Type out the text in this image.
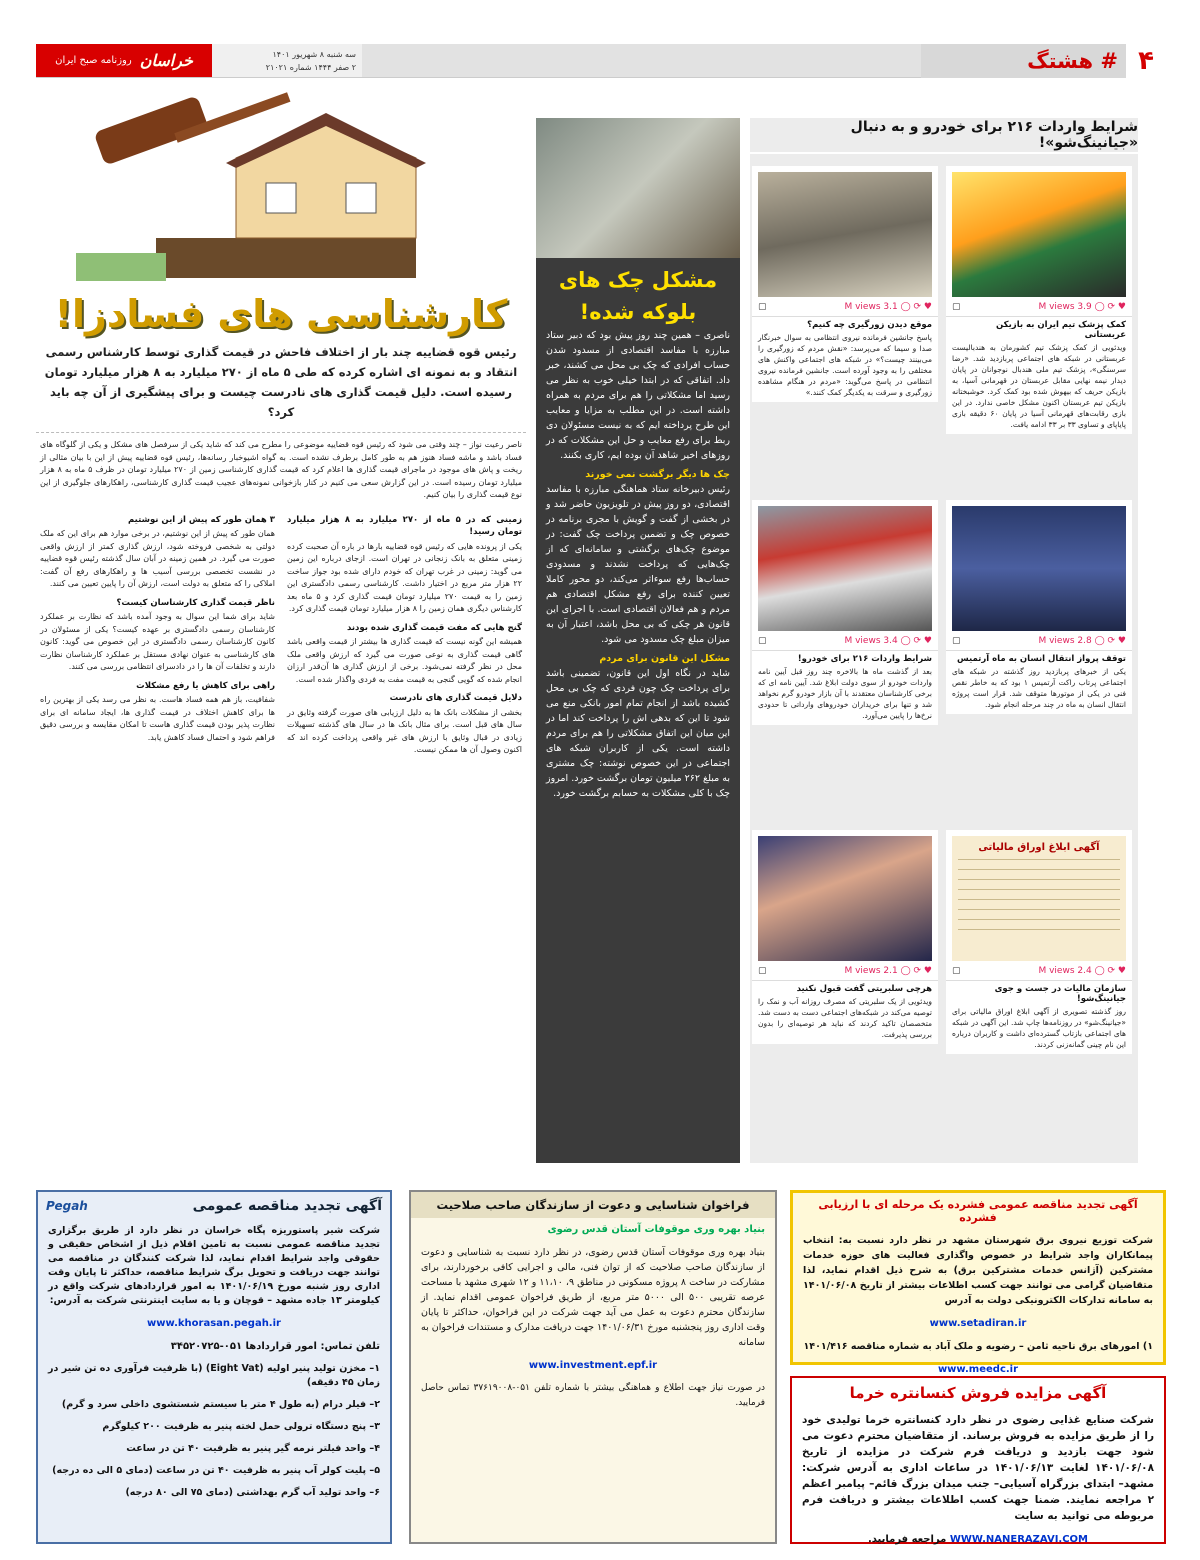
۴
# هشتگ
سه شنبه ۸ شهریور ۱۴۰۱
۲ صفر ۱۴۴۴ شماره ۲۱۰۲۱
خراسان
روزنامه صبح ایران
شرایط واردات ۲۱۶ برای خودرو و به دنبال «جیانینگ‌شو»!
♥ ⟳ ◯ 3.9 M views
▢
کمک پزشک تیم ایران به بازیکن عربستانی

ویدئویی از کمک پزشک تیم کشورمان به هندبالیست عربستانی در شبکه های اجتماعی پربازدید شد. «رضا سرسنگی»، پزشک تیم ملی هندبال نوجوانان در پایان دیدار نیمه نهایی مقابل عربستان در قهرمانی آسیا، به بازیکن حریف که بیهوش شده بود کمک کرد. خوشبختانه بازیکن تیم عربستان اکنون مشکل خاصی ندارد. در این بازی رقابت‌های قهرمانی آسیا در پایان ۶۰ دقیقه بازی پایاپای و تساوی ۳۳ بر ۳۳ ادامه یافت.

♥ ⟳ ◯ 3.1 M views
▢
موقع دیدن زورگیری چه کنیم؟

پاسخ جانشین فرمانده نیروی انتظامی به سوال خبرنگار صدا و سیما که می‌پرسد: «نقش مردم که زورگیری را می‌بینند چیست؟» در شبکه های اجتماعی واکنش های مختلفی را به وجود آورده است. جانشین فرمانده نیروی انتظامی در پاسخ می‌گوید: «مردم در هنگام مشاهده زورگیری و سرقت به یکدیگر کمک کنند.»

♥ ⟳ ◯ 2.8 M views
▢
توقف پرواز انتقال انسان به ماه آرتمیس

یکی از خبرهای پربازدید روز گذشته در شبکه های اجتماعی پرتاب راکت آرتمیس ۱ بود که به خاطر نقص فنی در یکی از موتورها متوقف شد. قرار است پروژه انتقال انسان به ماه در چند مرحله انجام شود.

♥ ⟳ ◯ 3.4 M views
▢
شرایط واردات ۲۱۶ برای خودرو!

بعد از گذشت ماه ها بالاخره چند روز قبل آیین نامه واردات خودرو از سوی دولت ابلاغ شد. آیین نامه ای که برخی کارشناسان معتقدند با آن بازار خودرو گرم نخواهد شد و تنها برای خریداران خودروهای وارداتی تا حدودی نرخ‌ها را پایین می‌آورد.

آگهی ابلاغ اوراق مالیاتی
♥ ⟳ ◯ 2.4 M views
▢
سازمان مالیات در جست و جوی جیانینگ‌شو!

روز گذشته تصویری از آگهی ابلاغ اوراق مالیاتی برای «جیانینگ‌شو» در روزنامه‌ها چاپ شد. این آگهی در شبکه های اجتماعی بازتاب گسترده‌ای داشت و کاربران درباره این نام چینی گمانه‌زنی کردند.

♥ ⟳ ◯ 2.1 M views
▢
هرچی سلبریتی گفت قبول نکنید

ویدئویی از یک سلبریتی که مصرف روزانه آب و نمک را توصیه می‌کند در شبکه‌های اجتماعی دست به دست شد. متخصصان تاکید کردند که نباید هر توصیه‌ای را بدون بررسی پذیرفت.

مشکل چک های بلوکه شده!

ناصری – همین چند روز پیش بود که دبیر ستاد مبارزه با مفاسد اقتصادی از مسدود شدن حساب افرادی که چک بی محل می کشند، خبر داد. اتفاقی که در ابتدا خیلی خوب به نظر می رسید اما مشکلاتی را هم برای مردم به همراه داشته است. در این مطلب به مزایا و معایب این طرح پرداخته ایم که به نیست مسئولان دی ربط برای رفع معایب و حل این مشکلات که در روزهای اخیر شاهد آن بوده ایم، کاری بکنند.

چک ها دیگر برگشت نمی خورند

رئیس دبیرخانه ستاد هماهنگی مبارزه با مفاسد اقتصادی، دو روز پیش در تلویزیون حاضر شد و در بخشی از گفت و گویش با مجری برنامه در خصوص چک و تضمین پرداخت چک گفت: در موضوع چک‌های برگشتی و سامانه‌ای که از چک‌هایی که پرداخت نشدند و مسدودی حساب‌ها رفع سوءاثر می‌کند، دو محور کاملا تعیین کننده برای رفع مشکل اقتصادی هم مردم و هم فعالان اقتصادی است. با اجرای این قانون هر چکی که بی محل باشد، اعتبار آن به میزان مبلغ چک مسدود می شود.

مشکل این قانون برای مردم

شاید در نگاه اول این قانون، تضمینی باشد برای پرداخت چک چون فردی که چک بی محل کشیده باشد از انجام تمام امور بانکی منع می شود تا این که بدهی اش را پرداخت کند اما در این میان این اتفاق مشکلاتی را هم برای مردم داشته است. یکی از کاربران شبکه های اجتماعی در این خصوص نوشته: چک مشتری به مبلغ ۲۶۲ میلیون تومان برگشت خورد. امروز چک با کلی مشکلات به حسابم برگشت خورد.

کارشناسی های فسادزا!
رئیس قوه قضاییه چند بار از اختلاف فاحش در قیمت گذاری توسط کارشناس رسمی انتقاد و به نمونه ای اشاره کرده که طی ۵ ماه از ۲۷۰ میلیارد به ۸ هزار میلیارد تومان رسیده است. دلیل قیمت گذاری های نادرست چیست و برای پیشگیری از آن چه باید کرد؟
ناصر رعیت نواز – چند وقتی می شود که رئیس قوه قضاییه موضوعی را مطرح می کند که شاید یکی از سرفصل های مشکل و یکی از گلوگاه های فساد باشد و ماشه فساد هنوز هم به طور کامل برطرف نشده است. به گواه اشیوخبار رسانه‌ها، رئیس قوه قضاییه پیش از این با بیان مثالی از ریخت و پاش های موجود در ماجرای قیمت گذاری ها اعلام کرد که قیمت گذاری کارشناسی زمین از ۲۷۰ میلیارد تومان در ظرف ۵ ماه به ۸ هزار میلیارد تومان رسیده است. در این گزارش سعی می کنیم در کنار بازخوانی نمونه‌های عجیب قیمت گذاری کارشناسی، راهکارهای جلوگیری از این نوع قیمت گذاری را بیان کنیم.
زمینی که در ۵ ماه از ۲۷۰ میلیارد به ۸ هزار میلیارد تومان رسید!
یکی از پرونده هایی که رئیس قوه قضاییه بارها در باره آن صحبت کرده زمینی متعلق به بانک زنجانی در تهران است. ازجای درباره این زمین می گوید: زمینی در غرب تهران که خودم دارای شده بود جواز ساخت ۲۲ هزار متر مربع در اختیار داشت. کارشناسی رسمی دادگستری این زمین را به قیمت ۲۷۰ میلیارد تومان قیمت گذاری کرد و ۵ ماه بعد کارشناس دیگری همان زمین را ۸ هزار میلیارد تومان قیمت گذاری کرد.
گنج هایی که مفت قیمت گذاری شده بودند
همیشه این گونه نیست که قیمت گذاری ها بیشتر از قیمت واقعی باشد گاهی قیمت گذاری به نوعی صورت می گیرد که ارزش واقعی ملک محل در نظر گرفته نمی‌شود. برخی از ارزش گذاری ها آن‌قدر ارزان انجام شده که گویی گنجی به قیمت مفت به فردی واگذار شده است.
دلایل قیمت گذاری های نادرست
بخشی از مشکلات بانک ها به دلیل ارزیابی های صورت گرفته وثایق در سال های قبل است. برای مثال بانک ها در سال های گذشته تسهیلات زیادی در قبال وثایق با ارزش های غیر واقعی پرداخت کرده اند که اکنون وصول آن ها ممکن نیست.
۳ همان طور که پیش از این نوشتیم
همان طور که پیش از این نوشتیم، در برخی موارد هم برای این که ملک دولتی به شخصی فروخته شود، ارزش گذاری کمتر از ارزش واقعی صورت می گیرد. در همین زمینه در آبان سال گذشته رئیس قوه قضاییه در نشست تخصصی بررسی آسیب ها و راهکارهای رفع آن گفت: املاکی را که متعلق به دولت است، ارزش آن را پایین تعیین می کنند.
ناظر قیمت گذاری کارشناسان کیست؟
شاید برای شما این سوال به وجود آمده باشد که نظارت بر عملکرد کارشناسان رسمی دادگستری بر عهده کیست؟ یکی از مسئولان در کانون کارشناسان رسمی دادگستری در این خصوص می گوید: کانون های کارشناسی به عنوان نهادی مستقل بر عملکرد کارشناسان نظارت دارند و تخلفات آن ها را در دادسرای انتظامی بررسی می کنند.
راهی برای کاهش یا رفع مشکلات
شفافیت، باز هم همه فساد هاست. به نظر می رسد یکی از بهترین راه ها برای کاهش اختلاف در قیمت گذاری ها، ایجاد سامانه ای برای نظارت پذیر بودن قیمت گذاری هاست تا امکان مقایسه و بررسی دقیق فراهم شود و احتمال فساد کاهش یابد.
آگهی تجدید مناقصه عمومی فشرده یک مرحله ای با ارزیابی فشرده
شرکت توزیع نیروی برق شهرستان مشهد در نظر دارد نسبت به: انتخاب پیمانکاران واجد شرایط در خصوص واگذاری فعالیت های حوزه خدمات مشترکین (آژانس خدمات مشترکین برق) به شرح ذیل اقدام نماید، لذا متقاضیان گرامی می توانند جهت کسب اطلاعات بیشتر از تاریخ ۱۴۰۱/۰۶/۰۸ به سامانه تدارکات الکترونیکی دولت به آدرس
www.setadiran.ir
۱) امورهای برق ناحیه ثامن – رضویه و ملک آباد به شماره مناقصه ۱۴۰۱/۴۱۶
www.meedc.ir
آگهی مزایده فروش کنسانتره خرما
شرکت صنایع غذایی رضوی در نظر دارد کنسانتره خرما تولیدی خود را از طریق مزایده به فروش برساند. از متقاضیان محترم دعوت می شود جهت بازدید و دریافت فرم شرکت در مزایده از تاریخ ۱۴۰۱/۰۶/۰۸ لغایت ۱۴۰۱/۰۶/۱۳ در ساعات اداری به آدرس شرکت: مشهد– ابتدای بزرگراه آسیایی– جنب میدان بزرگ قائم– پیامبر اعظم ۲ مراجعه نمایند. ضمنا جهت کسب اطلاعات بیشتر و دریافت فرم مربوطه می توانید به سایت
WWW.NANERAZAVI.COM مراجعه فرمایید.
فراخوان شناسایی و دعوت از سازندگان صاحب صلاحیت
بنیاد بهره وری موقوفات آستان قدس رضوی
بنیاد بهره وری موقوفات آستان قدس رضوی، در نظر دارد نسبت به شناسایی و دعوت از سازندگان صاحب صلاحیت که از توان فنی، مالی و اجرایی کافی برخوردارند، برای مشارکت در ساخت ۸ پروژه مسکونی در مناطق ۹، ۱۱،۱۰ و ۱۲ شهری مشهد با مساحت عرصه تقریبی ۵۰۰ الی ۵۰۰۰ متر مربع، از طریق فراخوان عمومی اقدام نماید. از سازندگان محترم دعوت به عمل می آید جهت شرکت در این فراخوان، حداکثر تا پایان وقت اداری روز پنجشنبه مورخ ۱۴۰۱/۰۶/۳۱ جهت دریافت مدارک و مستندات فراخوان به سامانه
www.investment.epf.ir
در صورت نیاز جهت اطلاع و هماهنگی بیشتر با شماره تلفن ۰۵۱-۳۷۶۱۹۰۰۸ تماس حاصل فرمایید.
آگهی تجدید مناقصه عمومی
Pegah
شرکت شیر پاستوریزه پگاه خراسان در نظر دارد از طریق برگزاری تجدید مناقصه عمومی نسبت به تامین اقلام ذیل از اشخاص حقیقی و حقوقی واجد شرایط اقدام نماید، لذا شرکت کنندگان در مناقصه می توانند جهت دریافت و تحویل برگ شرایط مناقصه، حداکثر تا پایان وقت اداری روز شنبه مورخ ۱۴۰۱/۰۶/۱۹ به امور قراردادهای شرکت واقع در کیلومتر ۱۳ جاده مشهد – قوچان و یا به سایت اینترنتی شرکت به آدرس:
www.khorasan.pegah.ir
تلفن تماس: امور قراردادها ۰۵۱-۳۴۵۲۰۷۲۵
۱– مخزن تولید پنیر اولیه (Eight Vat) (با ظرفیت فرآوری ده تن شیر در زمان ۴۵ دقیقه)
۲– فیلر درام (به طول ۴ متر با سیستم شستشوی داخلی سرد و گرم)
۳– پنج دستگاه ترولی حمل لخته پنیر به ظرفیت ۲۰۰ کیلوگرم
۴– واحد فیلتر نرمه گیر پنیر به ظرفیت ۴۰ تن در ساعت
۵– پلیت کولر آب پنیر به ظرفیت ۴۰ تن در ساعت (دمای ۵ الی ده درجه)
۶– واحد تولید آب گرم بهداشتی (دمای ۷۵ الی ۸۰ درجه)
